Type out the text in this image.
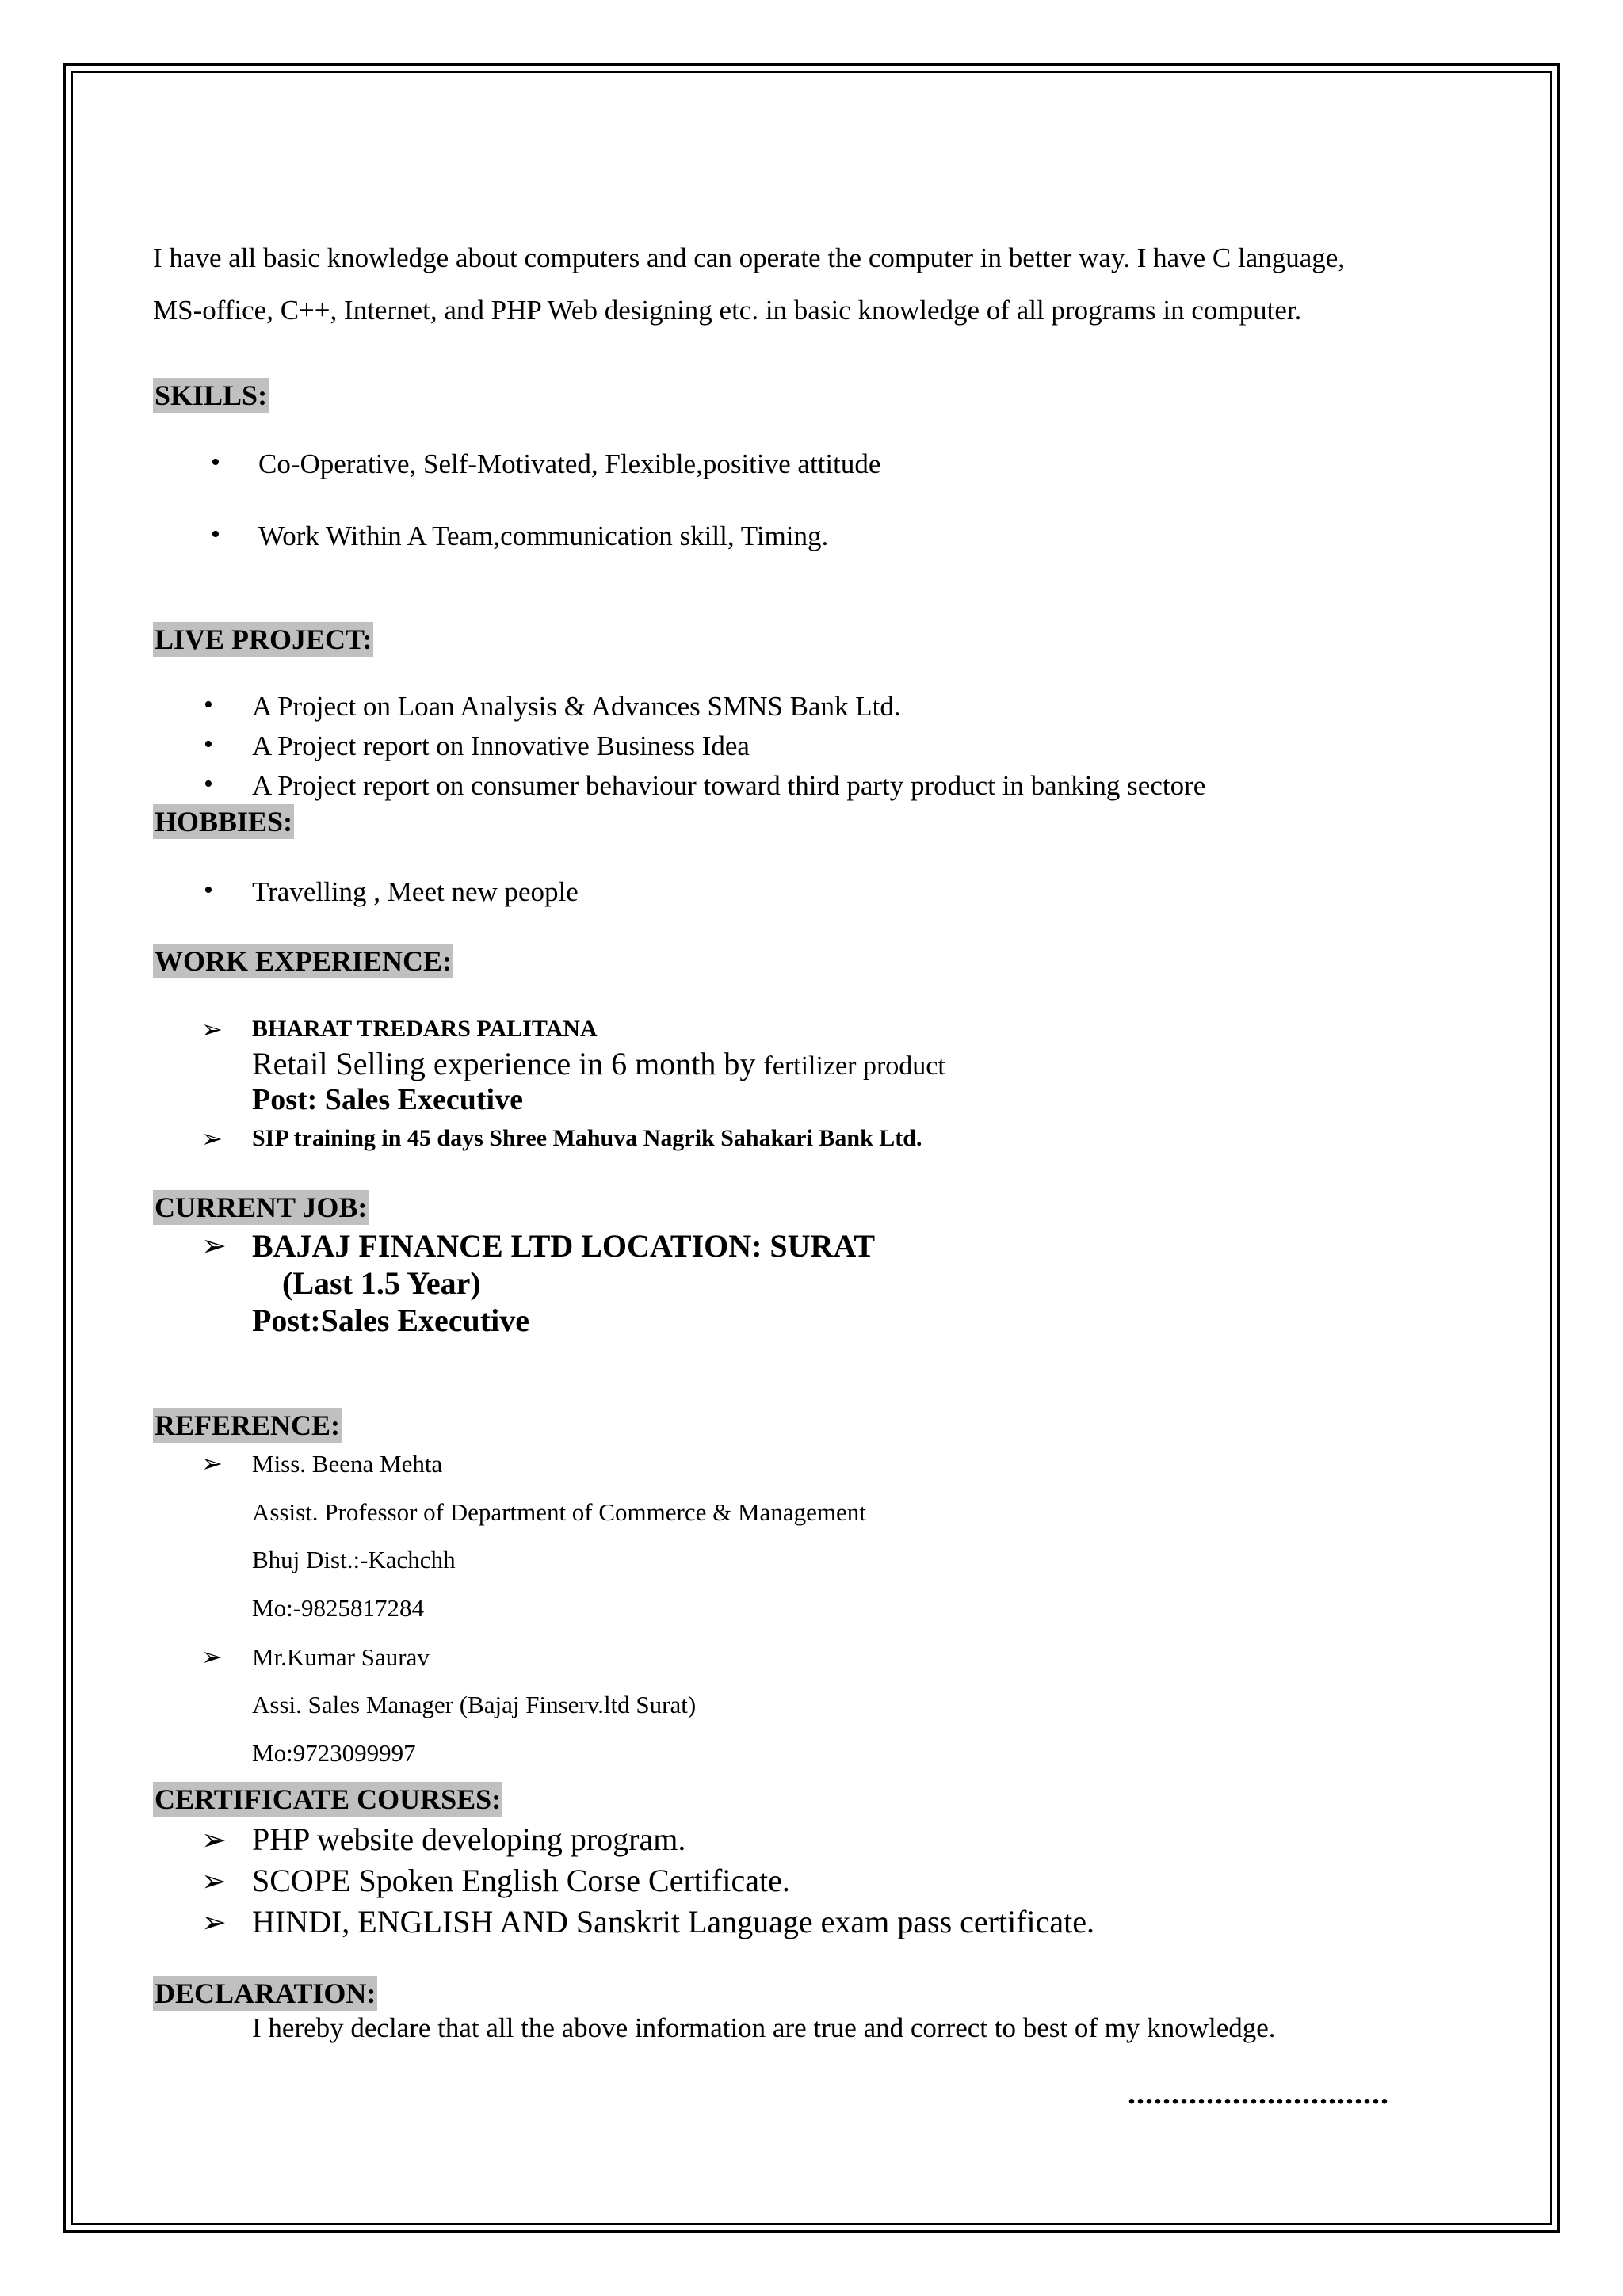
I have all basic knowledge about computers and can operate the computer in better way. I have C language,
MS-office, C++, Internet, and PHP Web designing etc. in basic knowledge of all programs in computer.
SKILLS:
• Co-Operative, Self-Motivated, Flexible,positive attitude
• Work Within A Team,communication skill, Timing.
LIVE PROJECT:
• A Project on Loan Analysis & Advances SMNS Bank Ltd.
• A Project report on Innovative Business Idea
• A Project report on consumer behaviour toward third party product in banking sectore
HOBBIES:
• Travelling , Meet new people
WORK EXPERIENCE:
➢ BHARAT TREDARS PALITANA
Retail Selling experience in 6 month by fertilizer product
Post: Sales Executive
➢ SIP training in 45 days Shree Mahuva Nagrik Sahakari Bank Ltd.
CURRENT JOB:
➢ BAJAJ FINANCE LTD LOCATION: SURAT
(Last 1.5 Year)
Post:Sales Executive
REFERENCE:
➢ Miss. Beena Mehta
Assist. Professor of Department of Commerce & Management
Bhuj Dist.:-Kachchh
Mo:-9825817284
➢ Mr.Kumar Saurav
Assi. Sales Manager (Bajaj Finserv.ltd Surat)
Mo:9723099997
CERTIFICATE COURSES:
➢ PHP website developing program.
➢ SCOPE Spoken English Corse Certificate.
➢ HINDI, ENGLISH AND Sanskrit Language exam pass certificate.
DECLARATION:
I hereby declare that all the above information are true and correct to best of my knowledge.
..............................
